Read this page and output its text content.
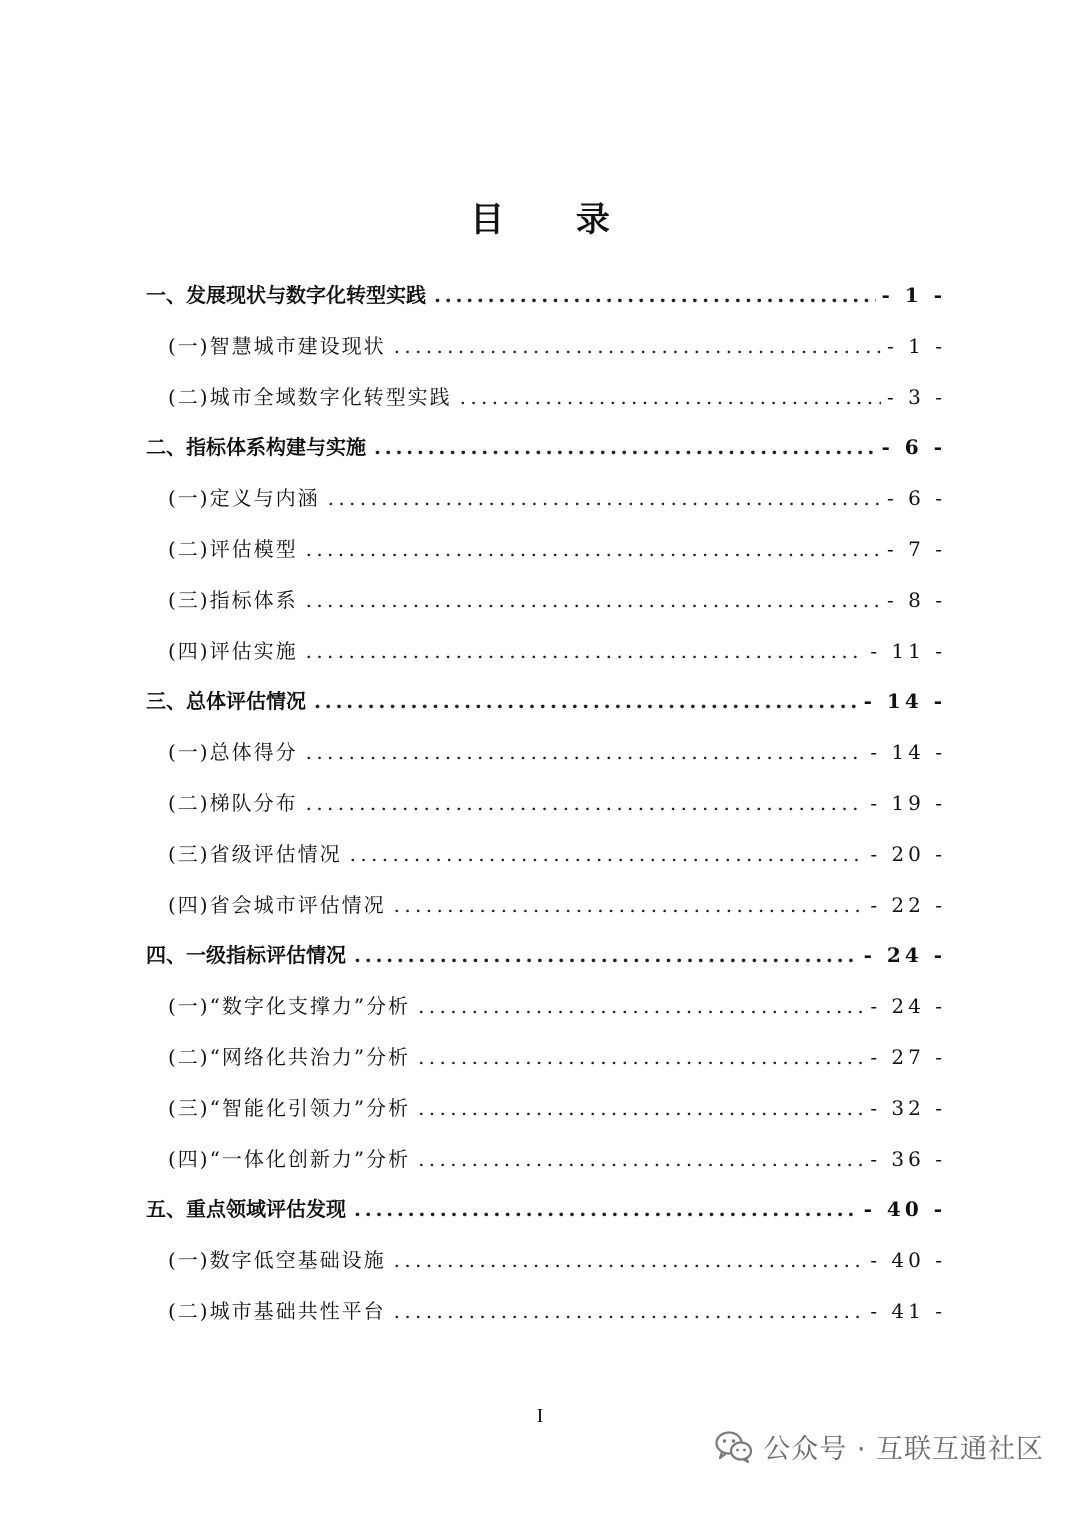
目 录
一、 发展现状与数字化转型实践 . . .	- 1 -
(一) 智慧城市建设现状 . . .	- 1 -
(二) 城市全域数字化转型实践 . . .	- 3 -
二、 指标体系构建与实施 . . .	- 6 -
(一) 定义与内涵 . . .	- 6 -
(二) 评估模型 . . .	- 7 -
(三) 指标体系 . . .	- 8 -
(四) 评估实施 . . .	- 11 -
三、 总体评估情况 . . .	- 14 -
(一) 总体得分 . . .	- 14 -
(二) 梯队分布 . . .	- 19 -
(三) 省级评估情况 . . .	- 20 -
(四) 省会城市评估情况 . . .	- 22 -
四、 一级指标评估情况 . . .	- 24 -
(一) “数字化支撑力”分析 . . .	- 24 -
(二) “网络化共治力”分析 . . .	- 27 -
(三) “智能化引领力”分析 . . .	- 32 -
(四) “一体化创新力”分析 . . .	- 36 -
五、 重点领域评估发现 . . .	- 40 -
(一) 数字低空基础设施 . . .	- 40 -
(二) 城市基础共性平台 . . .	- 41 -
I
公众号 · 互联互通社区
